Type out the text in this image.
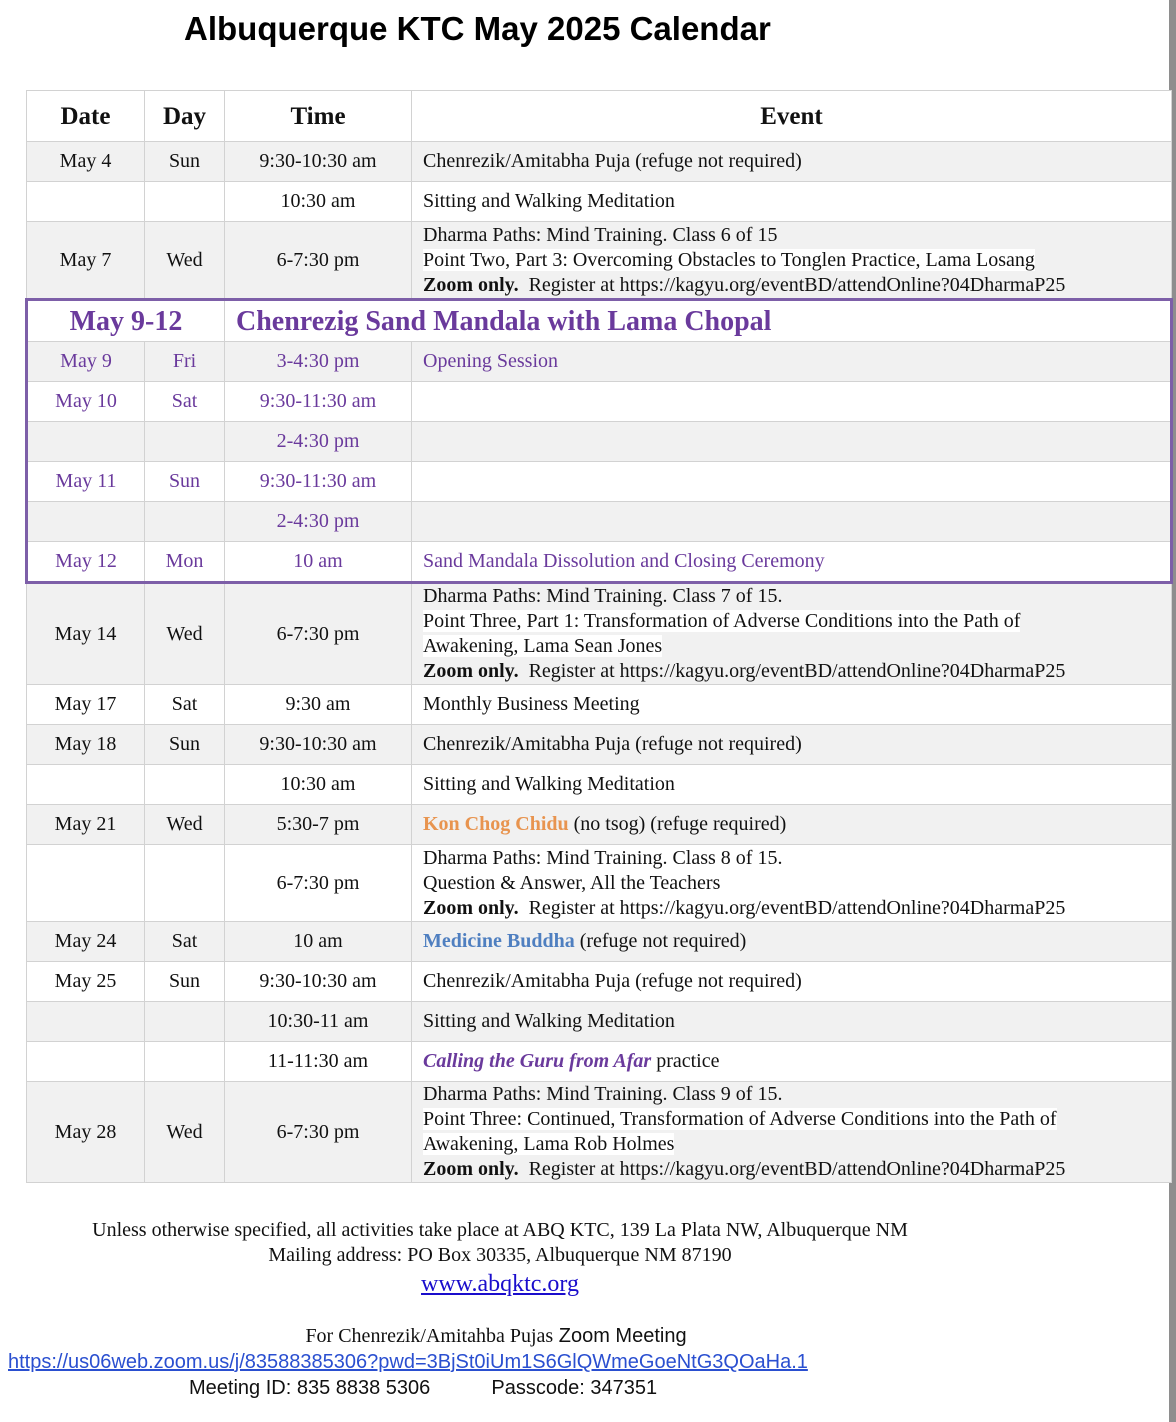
Albuquerque KTC May 2025 Calendar
Date	Day	Time	Event
May 4	Sun	9:30-10:30 am	Chenrezik/Amitabha Puja (refuge not required)
		10:30 am	Sitting and Walking Meditation
May 7	Wed	6-7:30 pm	Dharma Paths: Mind Training. Class 6 of 15
Point Two, Part 3: Overcoming Obstacles to Tonglen Practice, Lama Losang
Zoom only.  Register at https://kagyu.org/eventBD/attendOnline?04DharmaP25

May 9-12		Chenrezig Sand Mandala with Lama Chopal	
May 9	Fri	3-4:30 pm	Opening Session
May 10	Sat	9:30-11:30 am	
		2-4:30 pm	
May 11	Sun	9:30-11:30 am	
		2-4:30 pm	
May 12	Mon	10 am	Sand Mandala Dissolution and Closing Ceremony
May 14	Wed	6-7:30 pm	Dharma Paths: Mind Training. Class 7 of 15.
Point Three, Part 1: Transformation of Adverse Conditions into the Path of
Awakening, Lama Sean Jones
Zoom only.  Register at https://kagyu.org/eventBD/attendOnline?04DharmaP25

May 17	Sat	9:30 am	Monthly Business Meeting
May 18	Sun	9:30-10:30 am	Chenrezik/Amitabha Puja (refuge not required)
		10:30 am	Sitting and Walking Meditation
May 21	Wed	5:30-7 pm	Kon Chog Chidu (no tsog) (refuge required)
		6-7:30 pm	Dharma Paths: Mind Training. Class 8 of 15.
Question & Answer, All the Teachers
Zoom only.  Register at https://kagyu.org/eventBD/attendOnline?04DharmaP25

May 24	Sat	10 am	Medicine Buddha (refuge not required)
May 25	Sun	9:30-10:30 am	Chenrezik/Amitabha Puja (refuge not required)
		10:30-11 am	Sitting and Walking Meditation
		11-11:30 am	Calling the Guru from Afar practice
May 28	Wed	6-7:30 pm	Dharma Paths: Mind Training. Class 9 of 15.
Point Three: Continued, Transformation of Adverse Conditions into the Path of
Awakening, Lama Rob Holmes
Zoom only.  Register at https://kagyu.org/eventBD/attendOnline?04DharmaP25
Unless otherwise specified, all activities take place at ABQ KTC, 139 La Plata NW, Albuquerque NM
Mailing address: PO Box 30335, Albuquerque NM 87190
www.abqktc.org
For Chenrezik/Amitahba Pujas Zoom Meeting
https://us06web.zoom.us/j/83588385306?pwd=3BjSt0iUm1S6GlQWmeGoeNtG3QOaHa.1
Meeting ID: 835 8838 5306	Passcode: 347351
